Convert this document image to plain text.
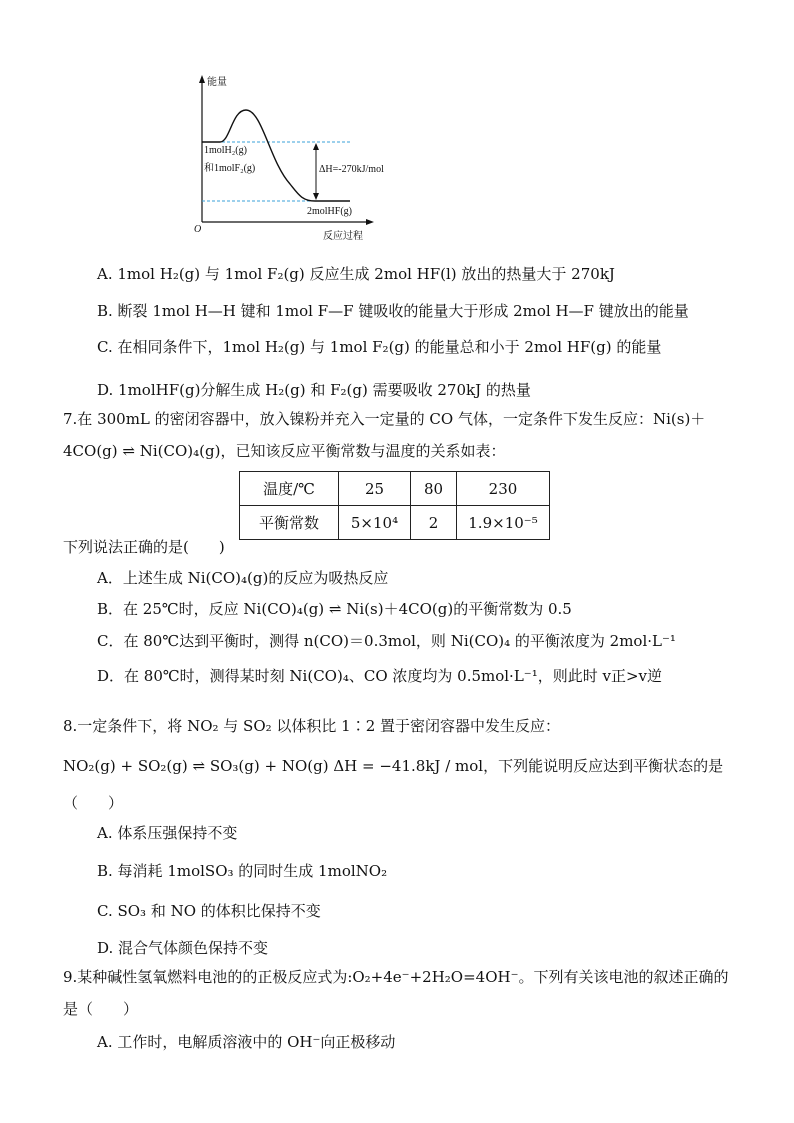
能量
O
反应过程
1molH₂(g)
和1molF₂(g)	ΔH=-270kJ/mol
2molHF(g)
A. 1mol H₂(g) 与 1mol F₂(g) 反应生成 2mol HF(l) 放出的热量大于 270kJ
B. 断裂 1mol H—H 键和 1mol F—F 键吸收的能量大于形成 2mol H—F 键放出的能量
C. 在相同条件下，1mol H₂(g) 与 1mol F₂(g) 的能量总和小于 2mol HF(g) 的能量
D. 1molHF(g)分解生成 H₂(g) 和 F₂(g) 需要吸收 270kJ 的热量
7.在 300mL 的密闭容器中，放入镍粉并充入一定量的 CO 气体，一定条件下发生反应：Ni(s)＋
4CO(g) ⇌ Ni(CO)₄(g)，已知该反应平衡常数与温度的关系如表：
温度/℃	25	80	230
平衡常数	5×10⁴	2	1.9×10⁻⁵
下列说法正确的是(　　)
A．上述生成 Ni(CO)₄(g)的反应为吸热反应
B．在 25℃时，反应 Ni(CO)₄(g) ⇌ Ni(s)＋4CO(g)的平衡常数为 0.5
C．在 80℃达到平衡时，测得 n(CO)＝0.3mol，则 Ni(CO)₄ 的平衡浓度为 2mol·L⁻¹
D．在 80℃时，测得某时刻 Ni(CO)₄、CO 浓度均为 0.5mol·L⁻¹，则此时 v正>v逆
8.一定条件下，将 NO₂ 与 SO₂ 以体积比 1∶2 置于密闭容器中发生反应：
NO₂(g) + SO₂(g) ⇌ SO₃(g) + NO(g) ΔH = −41.8kJ / mol，下列能说明反应达到平衡状态的是
（　　）
A. 体系压强保持不变
B. 每消耗 1molSO₃ 的同时生成 1molNO₂
C. SO₃ 和 NO 的体积比保持不变
D. 混合气体颜色保持不变
9.某种碱性氢氧燃料电池的的正极反应式为:O₂+4e⁻+2H₂O=4OH⁻。下列有关该电池的叙述正确的
是（　　）
A. 工作时，电解质溶液中的 OH⁻向正极移动
